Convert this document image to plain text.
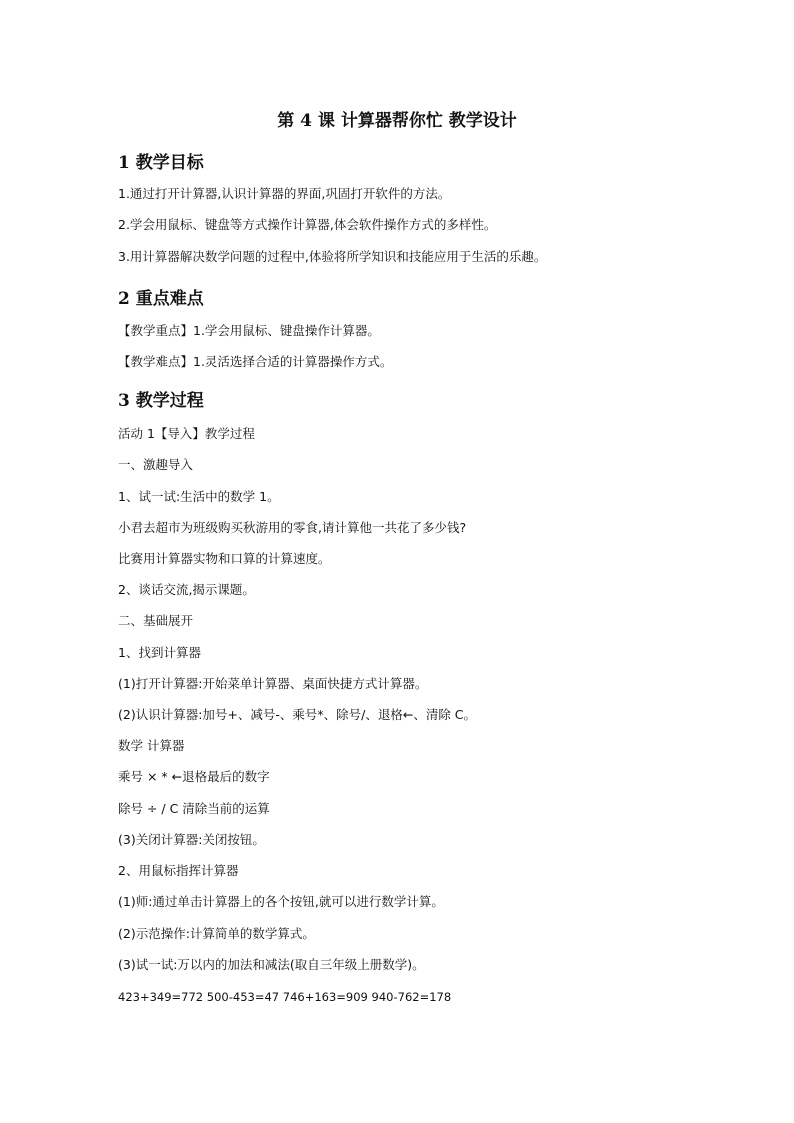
第 4 课 计算器帮你忙 教学设计
1 教学目标

1.通过打开计算器,认识计算器的界面,巩固打开软件的方法。

2.学会用鼠标、键盘等方式操作计算器,体会软件操作方式的多样性。

3.用计算器解决数学问题的过程中,体验将所学知识和技能应用于生活的乐趣。

2 重点难点

【教学重点】1.学会用鼠标、键盘操作计算器。

【教学难点】1.灵活选择合适的计算器操作方式。

3 教学过程

活动 1【导入】教学过程

一、激趣导入

1、试一试:生活中的数学 1。

小君去超市为班级购买秋游用的零食,请计算他一共花了多少钱?

比赛用计算器实物和口算的计算速度。

2、谈话交流,揭示课题。

二、基础展开

1、找到计算器

(1)打开计算器:开始菜单计算器、桌面快捷方式计算器。

(2)认识计算器:加号+、减号-、乘号*、除号/、退格←、清除 C。

数学 计算器

乘号 × * ←退格最后的数字

除号 ÷ / C 清除当前的运算

(3)关闭计算器:关闭按钮。

2、用鼠标指挥计算器

(1)师:通过单击计算器上的各个按钮,就可以进行数学计算。

(2)示范操作:计算简单的数学算式。

(3)试一试:万以内的加法和减法(取自三年级上册数学)。

423+349=772 500-453=47 746+163=909 940-762=178
